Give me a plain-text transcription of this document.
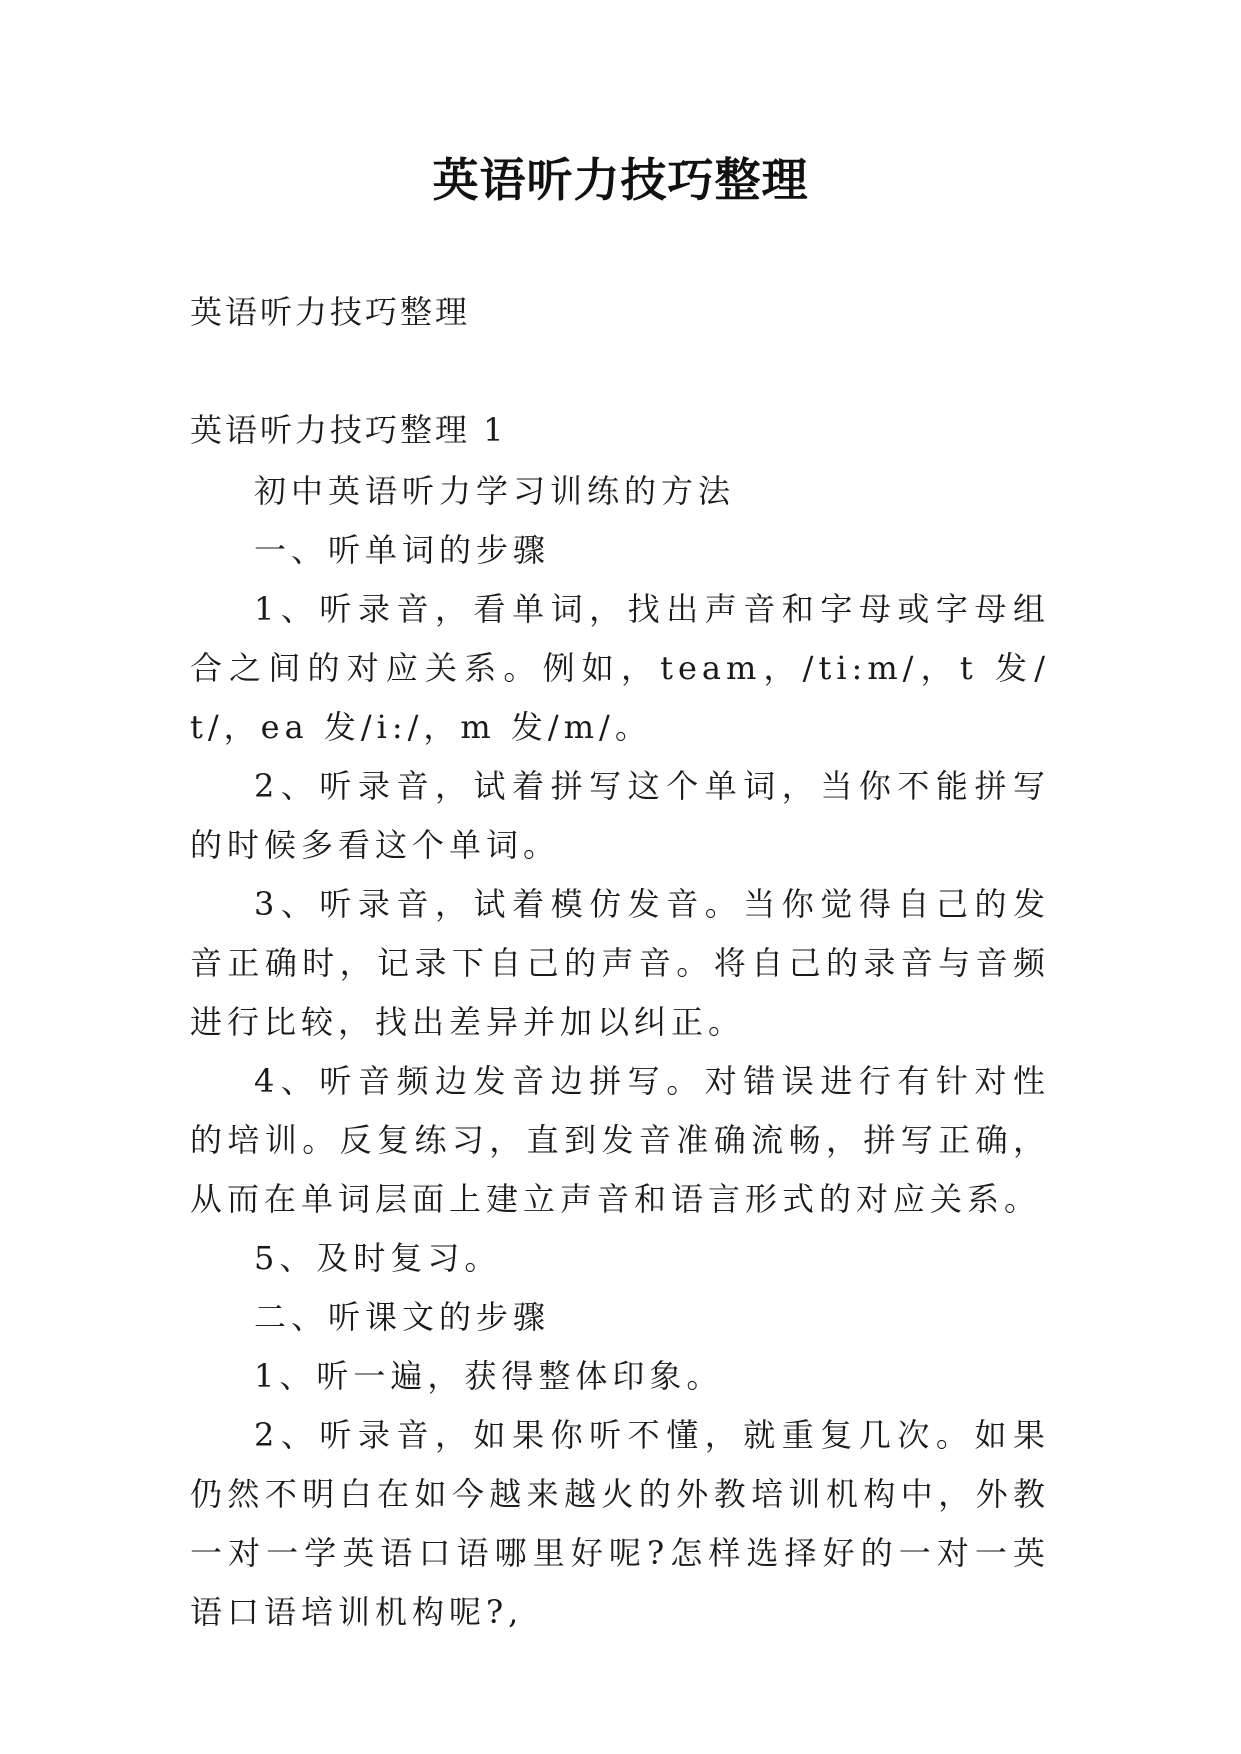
英语听力技巧整理
英语听力技巧整理
英语听力技巧整理 1

初中英语听力学习训练的方法

一、听单词的步骤

1、听录音，看单词，找出声音和字母或字母组合之间的对应关系。例如，team，/ti:m/，t 发/t/，ea 发/i:/，m 发/m/。

2、听录音，试着拼写这个单词，当你不能拼写的时候多看这个单词。

3、听录音，试着模仿发音。当你觉得自己的发音正确时，记录下自己的声音。将自己的录音与音频进行比较，找出差异并加以纠正。

4、听音频边发音边拼写。对错误进行有针对性的培训。反复练习，直到发音准确流畅，拼写正确，从而在单词层面上建立声音和语言形式的对应关系。

5、及时复习。

二、听课文的步骤

1、听一遍，获得整体印象。

2、听录音，如果你听不懂，就重复几次。如果仍然不明白在如今越来越火的外教培训机构中，外教一对一学英语口语哪里好呢?怎样选择好的一对一英语口语培训机构呢?,
